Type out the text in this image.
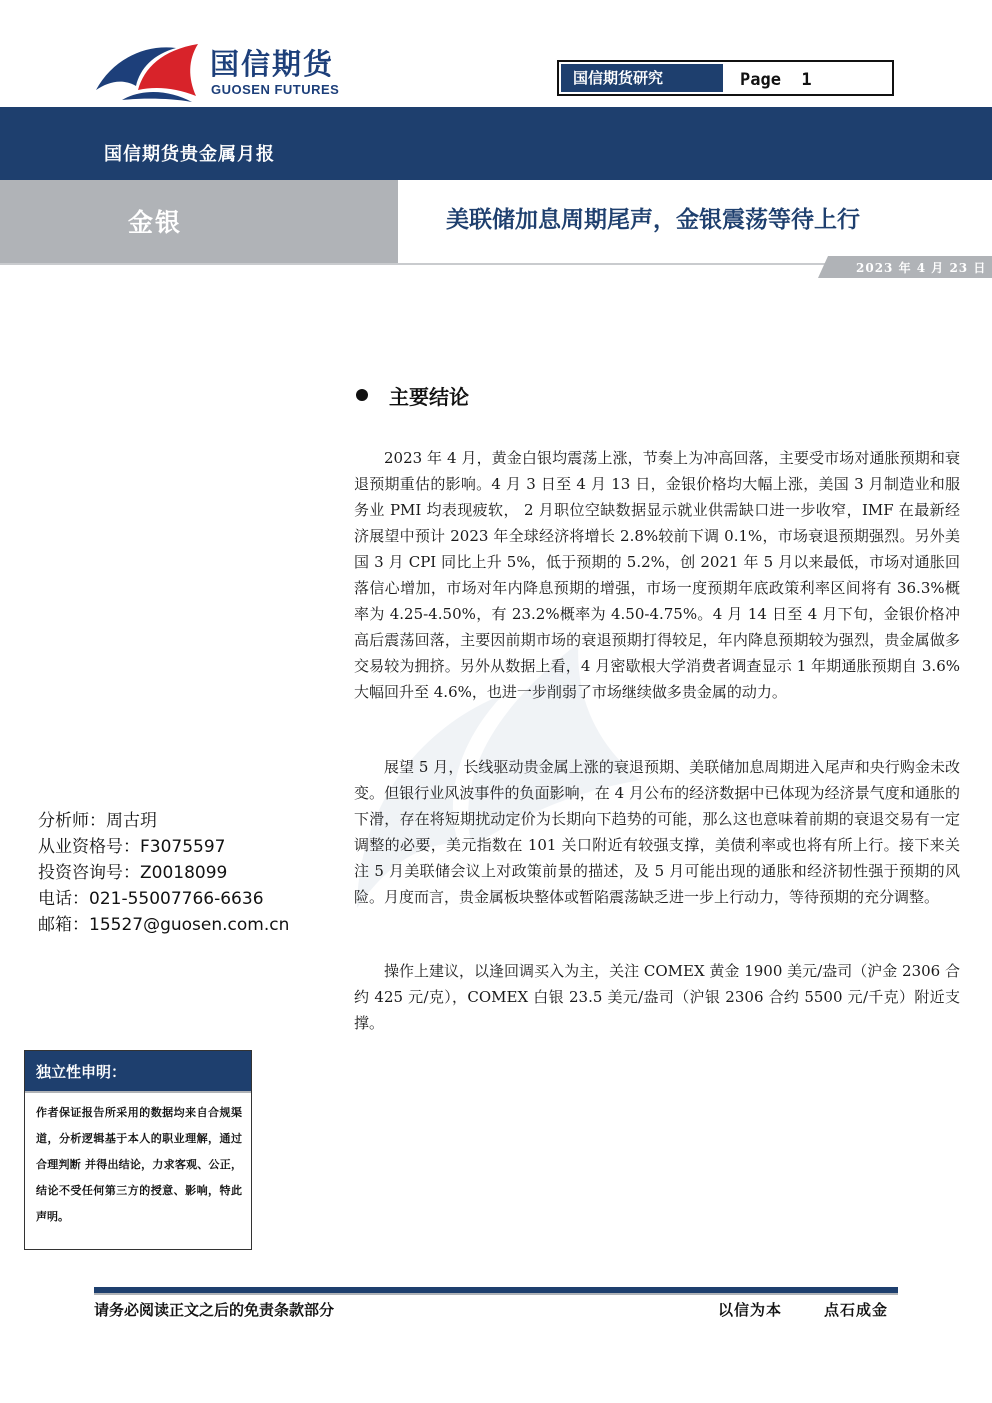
国信期货
GUOSEN FUTURES
国信期货研究	Page  1
国信期货贵金属月报
金银	美联储加息周期尾声，金银震荡等待上行
2023 年 4 月 23 日
主要结论

2023 年 4 月，黄金白银均震荡上涨，节奏上为冲高回落，主要受市场对通胀预期和衰退预期重估的影响。4 月 3 日至 4 月 13 日，金银价格均大幅上涨，美国 3 月制造业和服务业 PMI 均表现疲软， 2 月职位空缺数据显示就业供需缺口进一步收窄，IMF 在最新经济展望中预计 2023 年全球经济将增长 2.8%较前下调 0.1%，市场衰退预期强烈。另外美国 3 月 CPI 同比上升 5%，低于预期的 5.2%，创 2021 年 5 月以来最低，市场对通胀回落信心增加，市场对年内降息预期的增强，市场一度预期年底政策利率区间将有 36.3%概率为 4.25-4.50%，有 23.2%概率为 4.50-4.75%。4 月 14 日至 4 月下旬，金银价格冲高后震荡回落，主要因前期市场的衰退预期打得较足，年内降息预期较为强烈，贵金属做多交易较为拥挤。另外从数据上看，4 月密歇根大学消费者调查显示 1 年期通胀预期自 3.6%大幅回升至 4.6%，也进一步削弱了市场继续做多贵金属的动力。

展望 5 月，长线驱动贵金属上涨的衰退预期、美联储加息周期进入尾声和央行购金未改变。但银行业风波事件的负面影响，在 4 月公布的经济数据中已体现为经济景气度和通胀的下滑，存在将短期扰动定价为长期向下趋势的可能，那么这也意味着前期的衰退交易有一定调整的必要，美元指数在 101 关口附近有较强支撑，美债利率或也将有所上行。接下来关注 5 月美联储会议上对政策前景的描述，及 5 月可能出现的通胀和经济韧性强于预期的风险。月度而言，贵金属板块整体或暂陷震荡缺乏进一步上行动力，等待预期的充分调整。

操作上建议，以逢回调买入为主，关注 COMEX 黄金 1900 美元/盎司（沪金 2306 合约 425 元/克），COMEX 白银 23.5 美元/盎司（沪银 2306 合约 5500 元/千克）附近支撑。

分析师：周古玥
从业资格号：F3075597
投资咨询号：Z0018099
电话：021-55007766-6636
邮箱：15527@guosen.com.cn
独立性申明：

作者保证报告所采用的数据均来自合规渠道，分析逻辑基于本人的职业理解，通过合理判断 并得出结论，力求客观、公正，结论不受任何第三方的授意、影响，特此声明。

请务必阅读正文之后的免责条款部分	以信为本	点石成金
